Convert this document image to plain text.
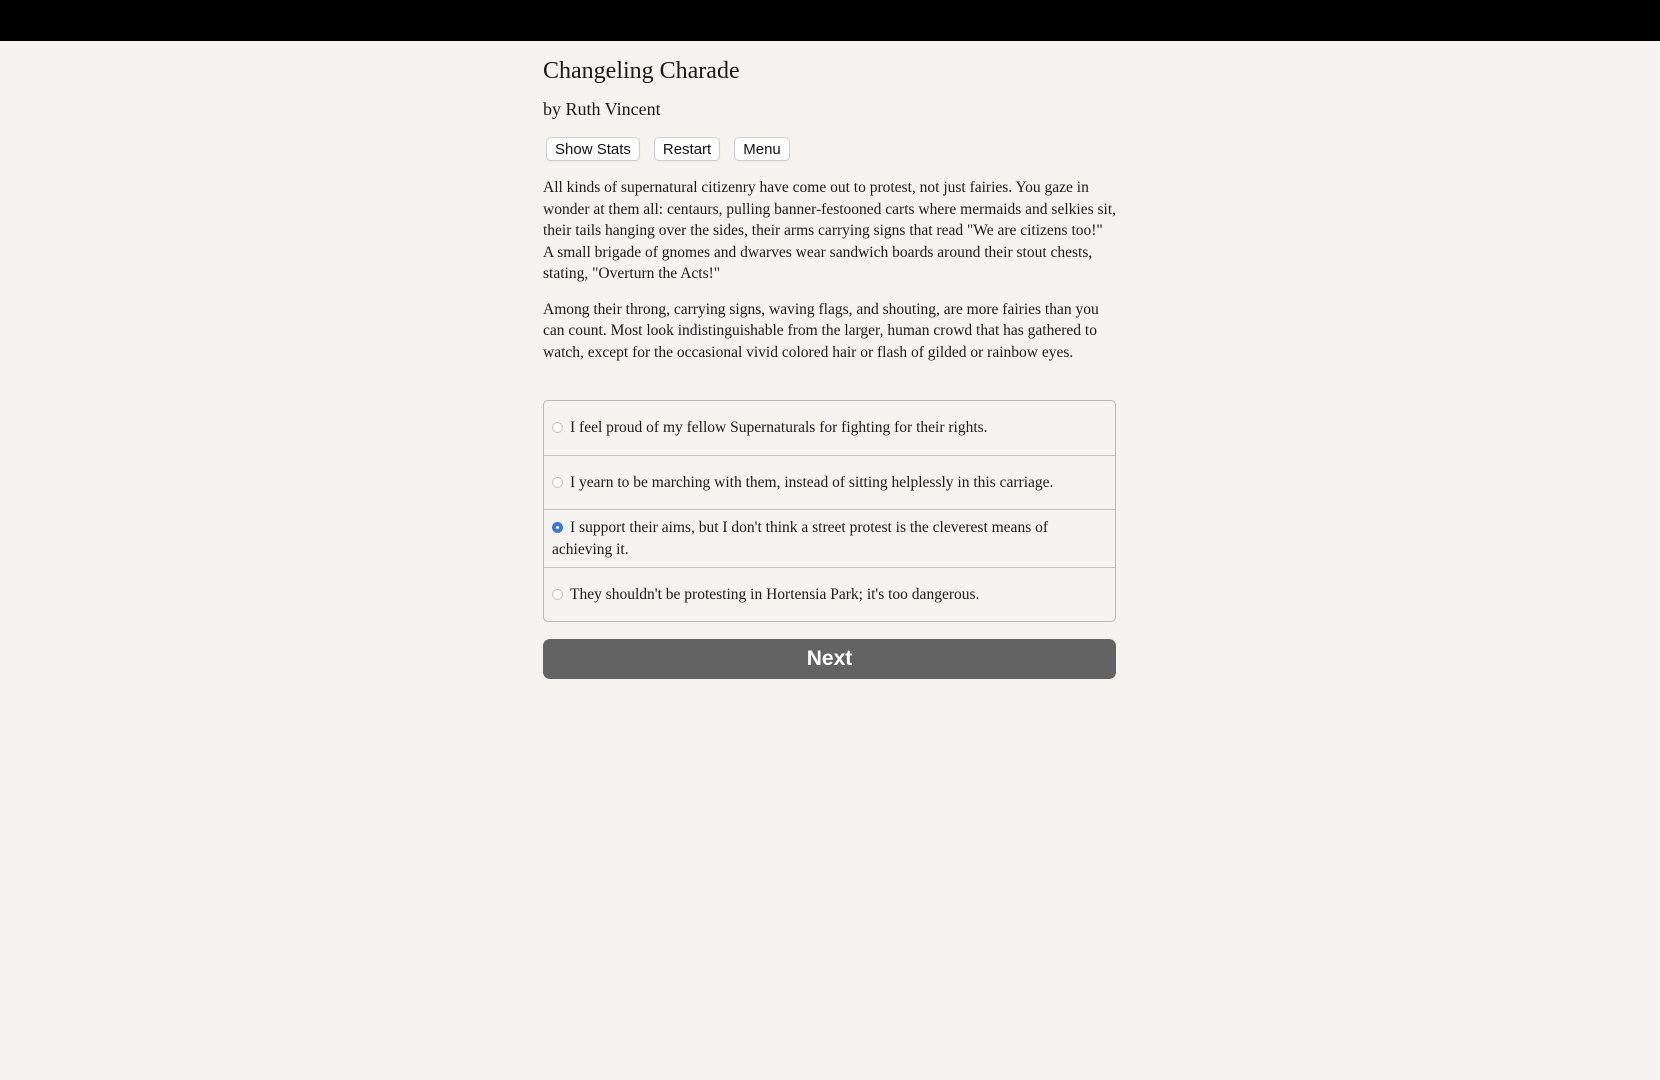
Changeling Charade
by Ruth Vincent
Show Stats	Restart	Menu

All kinds of supernatural citizenry have come out to protest, not just fairies. You gaze in wonder at them all: centaurs, pulling banner-festooned carts where mermaids and selkies sit, their tails hanging over the sides, their arms carrying signs that read "We are citizens too!" A small brigade of gnomes and dwarves wear sandwich boards around their stout chests, stating, "Overturn the Acts!"

Among their throng, carrying signs, waving flags, and shouting, are more fairies than you can count. Most look indistinguishable from the larger, human crowd that has gathered to watch, except for the occasional vivid colored hair or flash of gilded or rainbow eyes.

I feel proud of my fellow Supernaturals for fighting for their rights.
I yearn to be marching with them, instead of sitting helplessly in this carriage.
I support their aims, but I don't think a street protest is the cleverest means of achieving it.
They shouldn't be protesting in Hortensia Park; it's too dangerous.
Next
